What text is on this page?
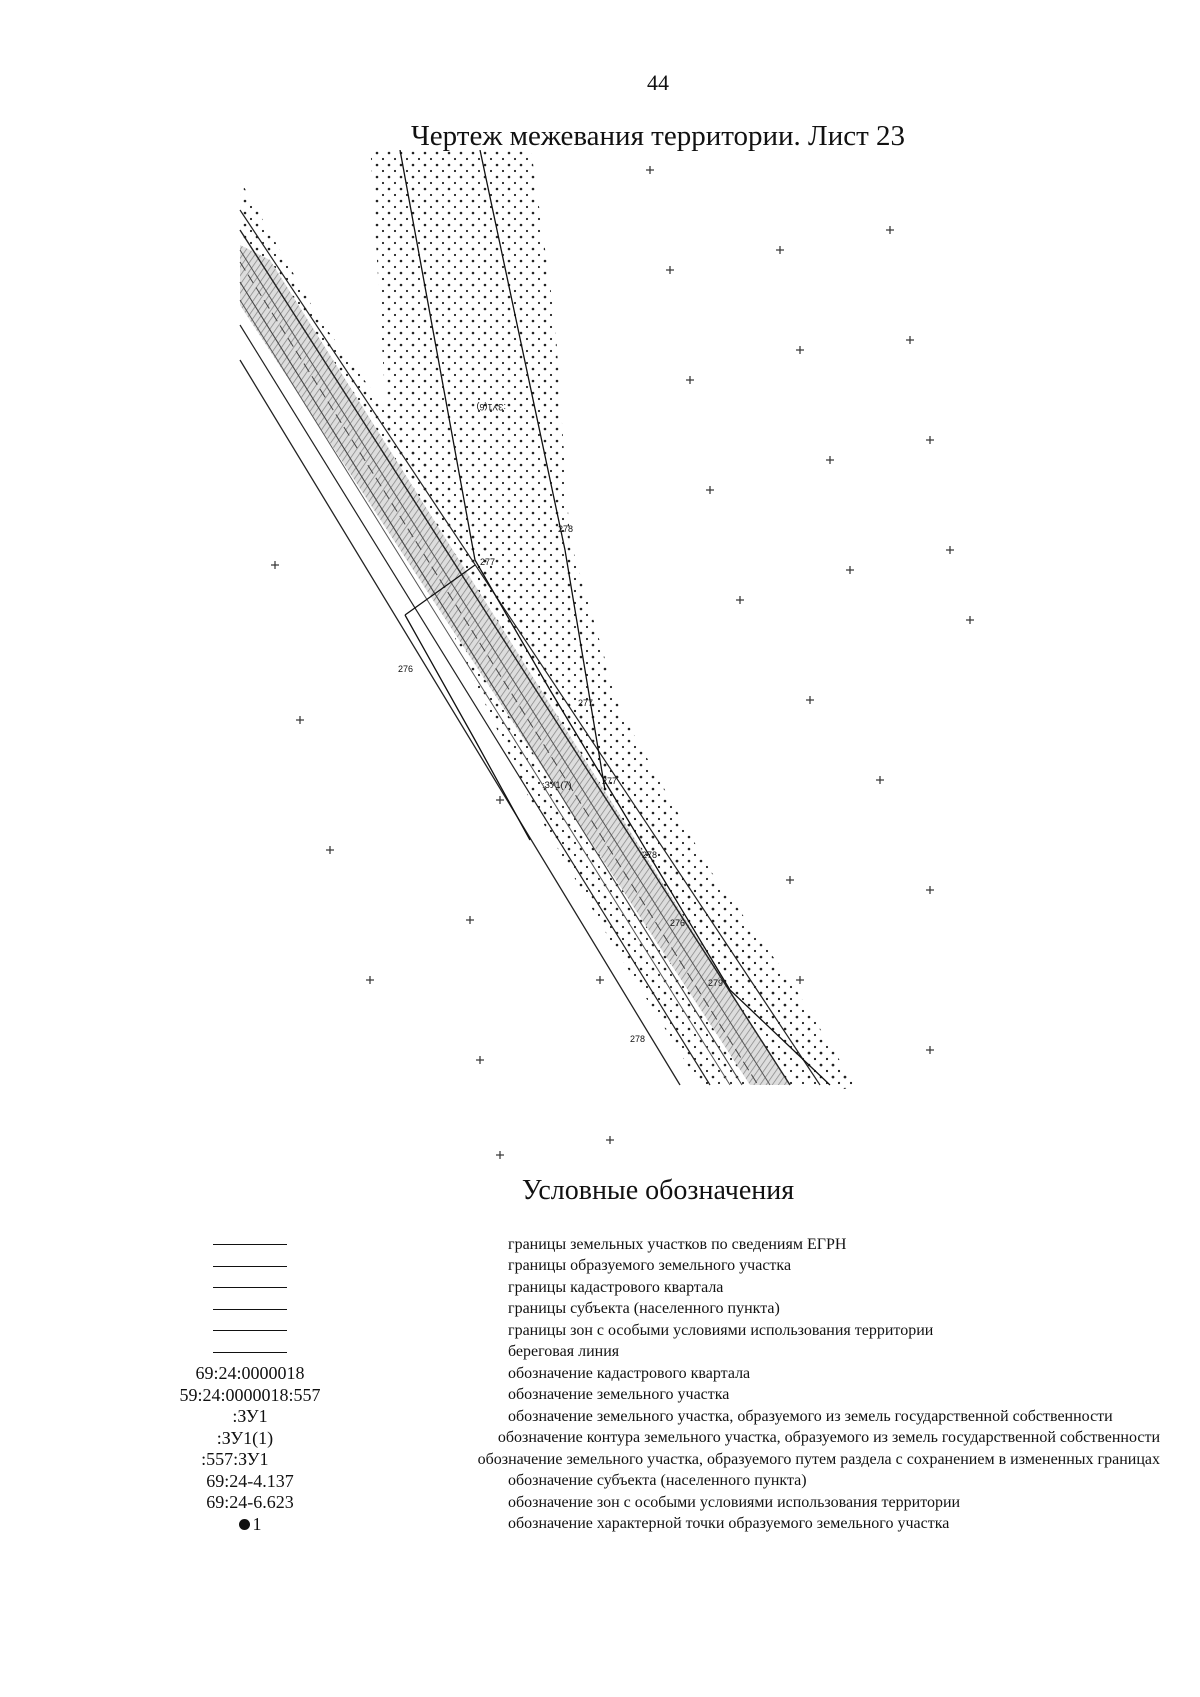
44
Чертеж межевания территории. Лист 23
:ЗУ1(6)
:ЗУ1(7)
277
278
276
277
277
278
276
279
278
Условные обозначения
границы земельных участков по сведениям ЕГРН
границы образуемого земельного участка
границы кадастрового квартала
границы субъекта (населенного пункта)
границы зон с особыми условиями использования территории
береговая линия
69:24:0000018	обозначение кадастрового квартала
59:24:0000018:557	обозначение земельного участка
:ЗУ1	обозначение земельного участка, образуемого из земель государственной собственности
:ЗУ1(1)	обозначение контура земельного участка, образуемого из земель государственной собственности
:557:ЗУ1	обозначение земельного участка, образуемого путем раздела с сохранением в измененных границах
69:24-4.137	обозначение субъекта (населенного пункта)
69:24-6.623	обозначение зон с особыми условиями использования территории
1	обозначение характерной точки образуемого земельного участка
